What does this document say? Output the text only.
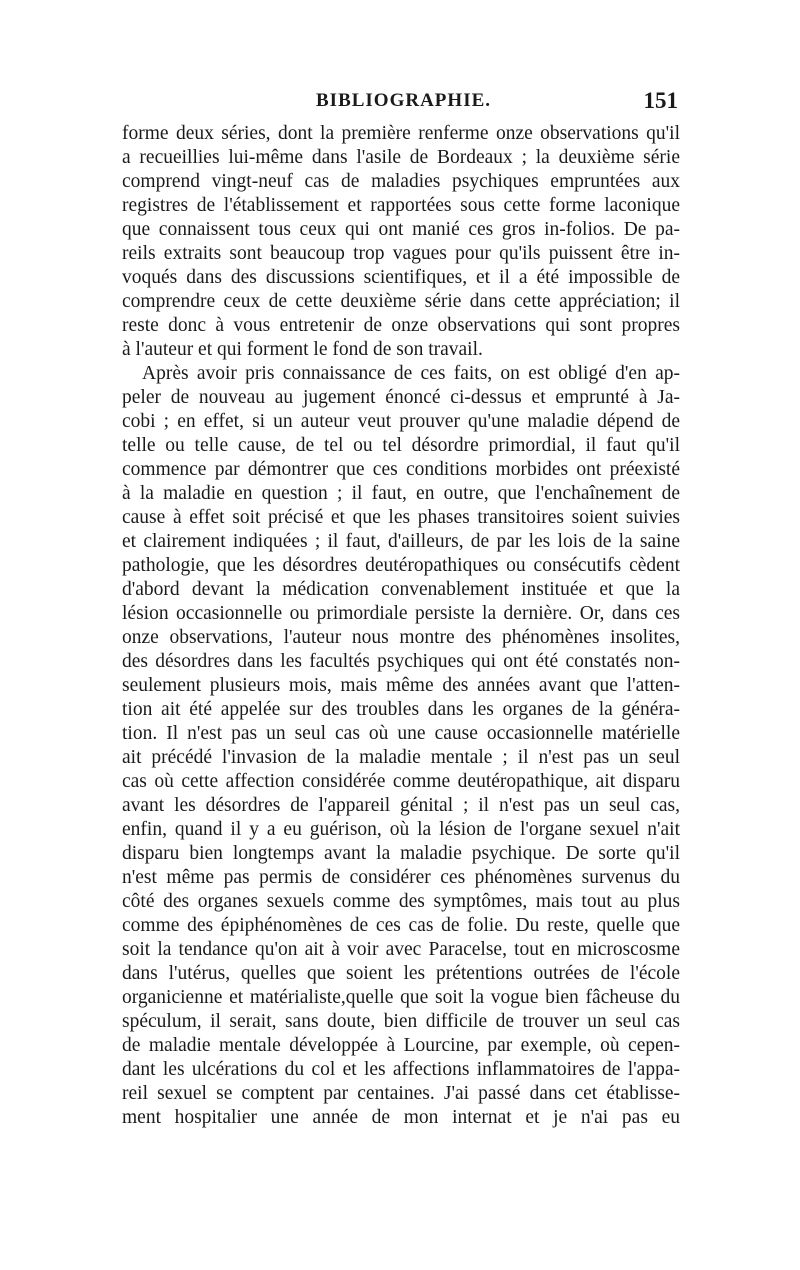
BIBLIOGRAPHIE.	151
forme deux séries, dont la première renferme onze observations qu'il
a recueillies lui-même dans l'asile de Bordeaux ; la deuxième série
comprend vingt-neuf cas de maladies psychiques empruntées aux
registres de l'établissement et rapportées sous cette forme laconique
que connaissent tous ceux qui ont manié ces gros in-folios. De pa-
reils extraits sont beaucoup trop vagues pour qu'ils puissent être in-
voqués dans des discussions scientifiques, et il a été impossible de
comprendre ceux de cette deuxième série dans cette appréciation; il
reste donc à vous entretenir de onze observations qui sont propres
à l'auteur et qui forment le fond de son travail.
Après avoir pris connaissance de ces faits, on est obligé d'en ap-
peler de nouveau au jugement énoncé ci-dessus et emprunté à Ja-
cobi ; en effet, si un auteur veut prouver qu'une maladie dépend de
telle ou telle cause, de tel ou tel désordre primordial, il faut qu'il
commence par démontrer que ces conditions morbides ont préexisté
à la maladie en question ; il faut, en outre, que l'enchaînement de
cause à effet soit précisé et que les phases transitoires soient suivies
et clairement indiquées ; il faut, d'ailleurs, de par les lois de la saine
pathologie, que les désordres deutéropathiques ou consécutifs cèdent
d'abord devant la médication convenablement instituée et que la
lésion occasionnelle ou primordiale persiste la dernière. Or, dans ces
onze observations, l'auteur nous montre des phénomènes insolites,
des désordres dans les facultés psychiques qui ont été constatés non-
seulement plusieurs mois, mais même des années avant que l'atten-
tion ait été appelée sur des troubles dans les organes de la généra-
tion. Il n'est pas un seul cas où une cause occasionnelle matérielle
ait précédé l'invasion de la maladie mentale ; il n'est pas un seul
cas où cette affection considérée comme deutéropathique, ait disparu
avant les désordres de l'appareil génital ; il n'est pas un seul cas,
enfin, quand il y a eu guérison, où la lésion de l'organe sexuel n'ait
disparu bien longtemps avant la maladie psychique. De sorte qu'il
n'est même pas permis de considérer ces phénomènes survenus du
côté des organes sexuels comme des symptômes, mais tout au plus
comme des épiphénomènes de ces cas de folie. Du reste, quelle que
soit la tendance qu'on ait à voir avec Paracelse, tout en microscosme
dans l'utérus, quelles que soient les prétentions outrées de l'école
organicienne et matérialiste,quelle que soit la vogue bien fâcheuse du
spéculum, il serait, sans doute, bien difficile de trouver un seul cas
de maladie mentale développée à Lourcine, par exemple, où cepen-
dant les ulcérations du col et les affections inflammatoires de l'appa-
reil sexuel se comptent par centaines. J'ai passé dans cet établisse-
ment hospitalier une année de mon internat et je n'ai pas eu
